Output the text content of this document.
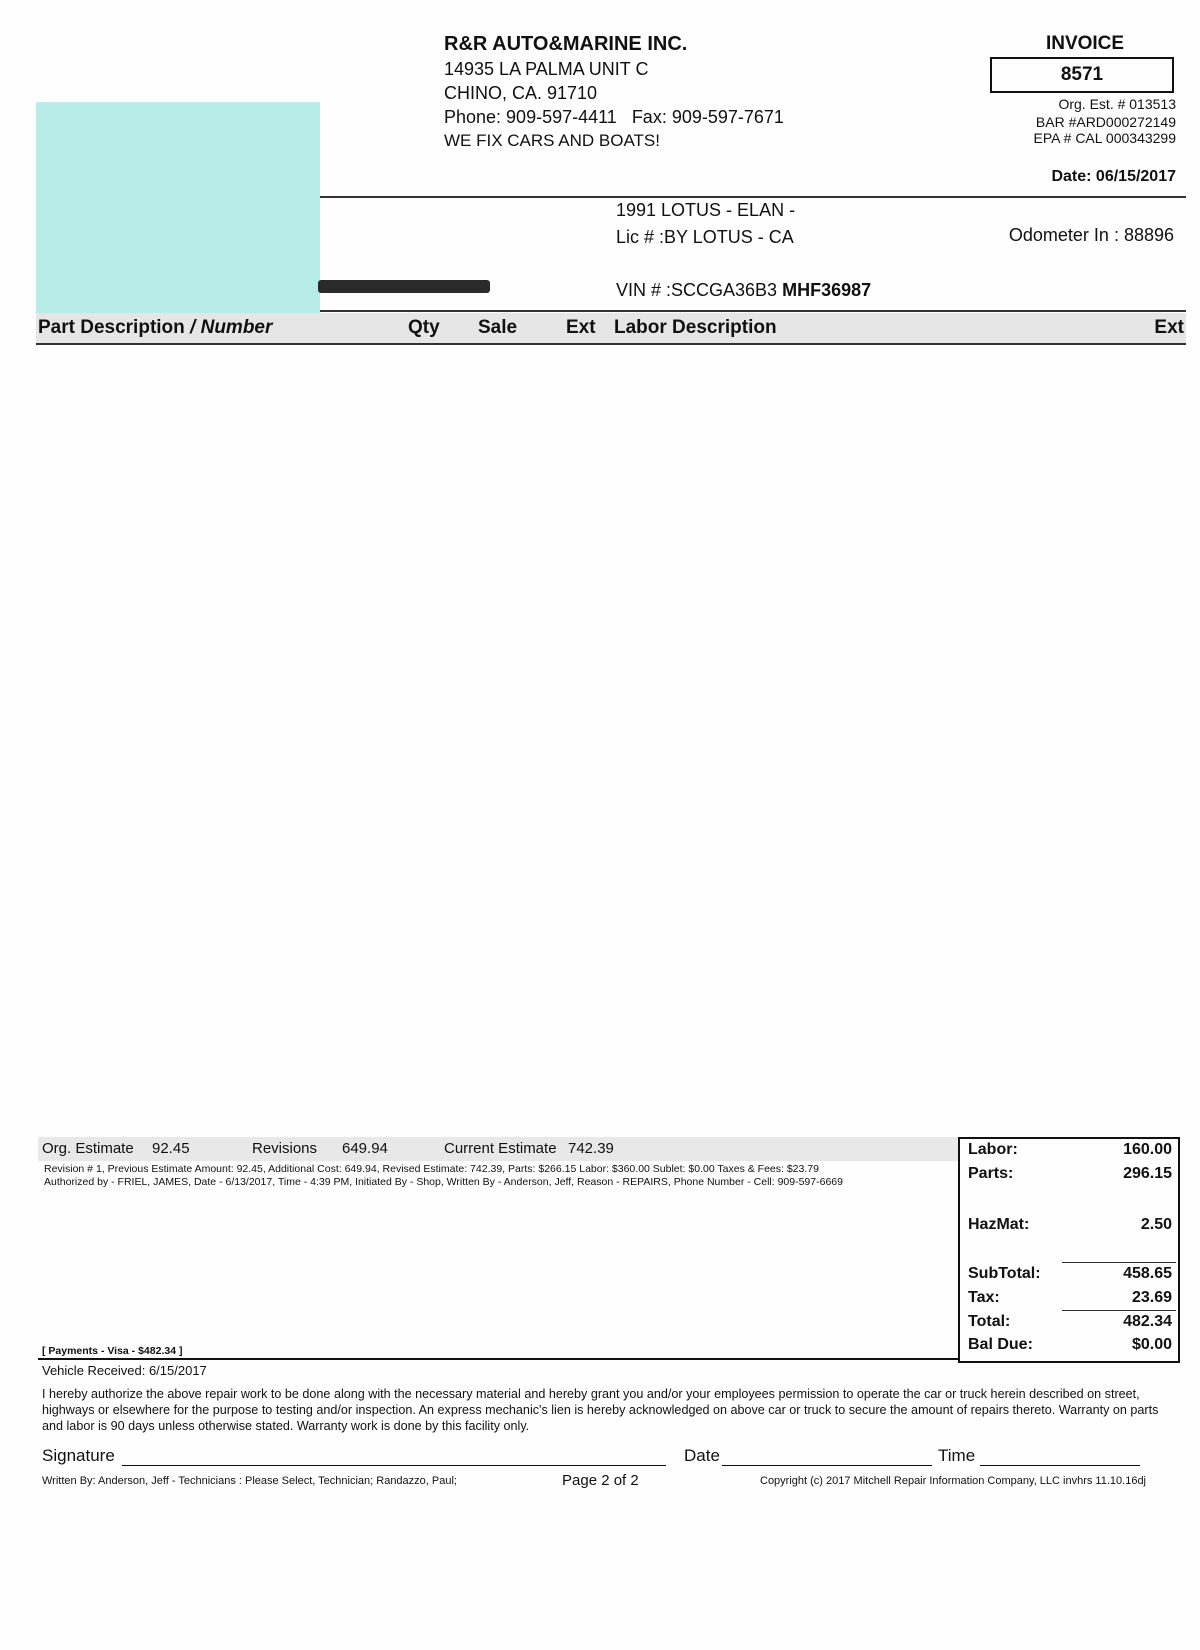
R&R AUTO&MARINE INC.
14935 LA PALMA UNIT C
CHINO, CA. 91710
Phone: 909-597-4411   Fax: 909-597-7671
WE FIX CARS AND BOATS!
INVOICE
8571
Org. Est. # 013513
BAR #ARD000272149
EPA # CAL 000343299
Date: 06/15/2017
1991 LOTUS - ELAN -
Lic # :BY LOTUS - CA	Odometer In : 88896
VIN # :SCCGA36B3 MHF36987
Part Description / Number	Qty Sale	Ext Labor Description	Ext
Org. Estimate 92.45	Revisions 649.94	Current Estimate 742.39
Revision # 1, Previous Estimate Amount: 92.45, Additional Cost: 649.94, Revised Estimate: 742.39, Parts: $266.15 Labor: $360.00 Sublet: $0.00 Taxes & Fees: $23.79
Authorized by - FRIEL, JAMES, Date - 6/13/2017, Time - 4:39 PM, Initiated By - Shop, Written By - Anderson, Jeff, Reason - REPAIRS, Phone Number - Cell: 909-597-6669
Labor:	160.00
Parts:	296.15
HazMat:	2.50
SubTotal:	458.65
Tax:	23.69
Total:	482.34
Bal Due:	$0.00
[ Payments - Visa - $482.34 ]
Vehicle Received: 6/15/2017
I hereby authorize the above repair work to be done along with the necessary material and hereby grant you and/or your employees permission to operate the car or truck herein described on street, highways or elsewhere for the purpose to testing and/or inspection. An express mechanic's lien is hereby acknowledged on above car or truck to secure the amount of repairs thereto. Warranty on parts and labor is 90 days unless otherwise stated. Warranty work is done by this facility only.
Signature	Date	Time
Written By: Anderson, Jeff - Technicians : Please Select, Technician; Randazzo, Paul;	Page 2 of 2	Copyright (c) 2017 Mitchell Repair Information Company, LLC invhrs 11.10.16dj
